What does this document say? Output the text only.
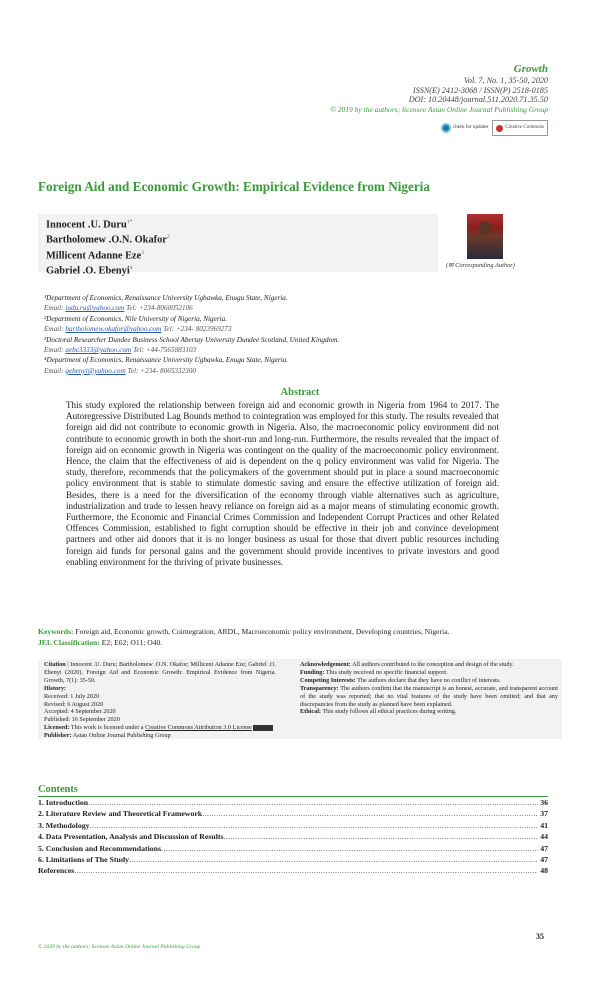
Growth
Vol. 7, No. 1, 35-50, 2020
ISSN(E) 2412-3068 / ISSN(P) 2518-0185
DOI: 10.20448/journal.511.2020.71.35.50
© 2019 by the authors; licensee Asian Online Journal Publishing Group
check for updates	Creative Commons
Foreign Aid and Economic Growth: Empirical Evidence from Nigeria
Innocent .U. Duru$^{1*}$
Bartholomew .O.N. Okafor$^2$
Millicent Adanne Eze$^3$
Gabriel .O. Ebenyi$^4$	(✉ Corresponding Author)
¹Department of Economics, Renaissance University Ugbawka, Enugu State, Nigeria.
Email: iudu.ru@yahoo.com Tel: +234-8060052106
²Department of Economics, Nile University of Nigeria, Nigeria.
Email: bartholomew.okafor@yahoo.com Tel: +234- 8023969273
³Doctoral Researcher Dundee Business School Abertay University Dundee Scotland, United Kingdom.
Email: aebe3333@yahoo.com Tel: +44-7565883103
⁴Department of Economics, Renaissance University Ugbawka, Enugu State, Nigeria.
Email: gebenyi@yahoo.com Tel: +234- 8065332300
Abstract
This study explored the relationship between foreign aid and economic growth in Nigeria from 1964 to 2017. The Autoregressive Distributed Lag Bounds method to cointegration was employed for this study. The results revealed that foreign aid did not contribute to economic growth in Nigeria. Also, the macroeconomic policy environment did not contribute to economic growth in both the short-run and long-run. Furthermore, the results revealed that the impact of foreign aid on economic growth in Nigeria was contingent on the quality of the macroeconomic policy environment. Hence, the claim that the effectiveness of aid is dependent on the q policy environment was valid for Nigeria. The study, therefore, recommends that the policymakers of the government should put in place a sound macroeconomic policy environment that is stable to stimulate domestic saving and ensure the effective utilization of foreign aid. Besides, there is a need for the diversification of the economy through viable alternatives such as agriculture, industrialization and trade to lessen heavy reliance on foreign aid as a major means of stimulating economic growth. Furthermore, the Economic and Financial Crimes Commission and Independent Corrupt Practices and other Related Offences Commission, established to fight corruption should be effective in their job and convince development partners and other aid donors that it is no longer business as usual for those that divert public resources including foreign aid funds for personal gains and the government should provide incentives to private investors and good enabling environment for the thriving of private businesses.
Keywords: Foreign aid, Economic growth, Cointegration, ARDL, Macroeconomic policy environment, Developing countries, Nigeria.
JEL Classification: E2; E62; O11; O40.
Citation | Innocent .U. Duru; Bartholomew .O.N. Okafor; Millicent Adanne Eze; Gabriel .O. Ebenyi (2020). Foreign Aid and Economic Growth: Empirical Evidence from Nigeria. Growth, 7(1): 35-50.
History:
Received: 1 July 2020
Revised: 6 August 2020
Accepted: 4 September 2020
Published: 16 September 2020
Licensed: This work is licensed under a Creative Commons Attribution 3.0 License
Publisher: Asian Online Journal Publishing Group
Acknowledgement: All authors contributed to the conception and design of the study.
Funding: This study received no specific financial support.
Competing Interests: The authors declare that they have no conflict of interests.
Transparency: The authors confirm that the manuscript is an honest, accurate, and transparent account of the study was reported; that no vital features of the study have been omitted; and that any discrepancies from the study as planned have been explained.
Ethical: This study follows all ethical practices during writing.
Contents
1. Introduction .....	36
2. Literature Review and Theoretical Framework .....	37
3. Methodology .....	41
4. Data Presentation, Analysis and Discussion of Results .....	44
5. Conclusion and Recommendations .....	47
6. Limitations of The Study .....	47
References .....	48
35
© 2020 by the authors; licensee Asian Online Journal Publishing Group
